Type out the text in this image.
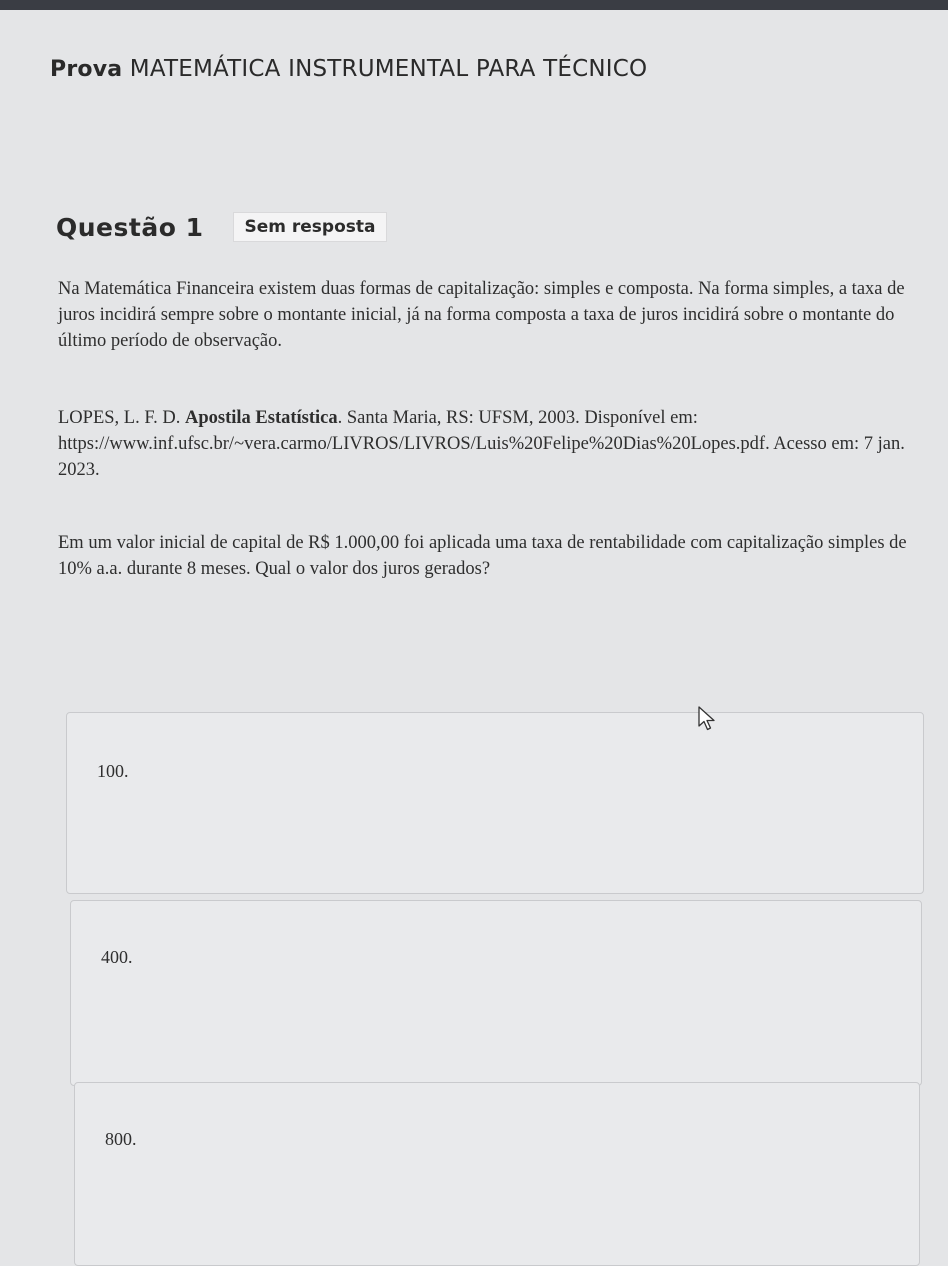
Prova MATEMÁTICA INSTRUMENTAL PARA TÉCNICO
Questão 1	Sem resposta
Na Matemática Financeira existem duas formas de capitalização: simples e composta. Na forma simples, a taxa de juros incidirá sempre sobre o montante inicial, já na forma composta a taxa de juros incidirá sobre o montante do último período de observação.
LOPES, L. F. D. Apostila Estatística. Santa Maria, RS: UFSM, 2003. Disponível em: https://www.inf.ufsc.br/~vera.carmo/LIVROS/LIVROS/Luis%20Felipe%20Dias%20Lopes.pdf. Acesso em: 7 jan. 2023.
Em um valor inicial de capital de R$ 1.000,00 foi aplicada uma taxa de rentabilidade com capitalização simples de 10% a.a. durante 8 meses. Qual o valor dos juros gerados?
100.
400.
800.
